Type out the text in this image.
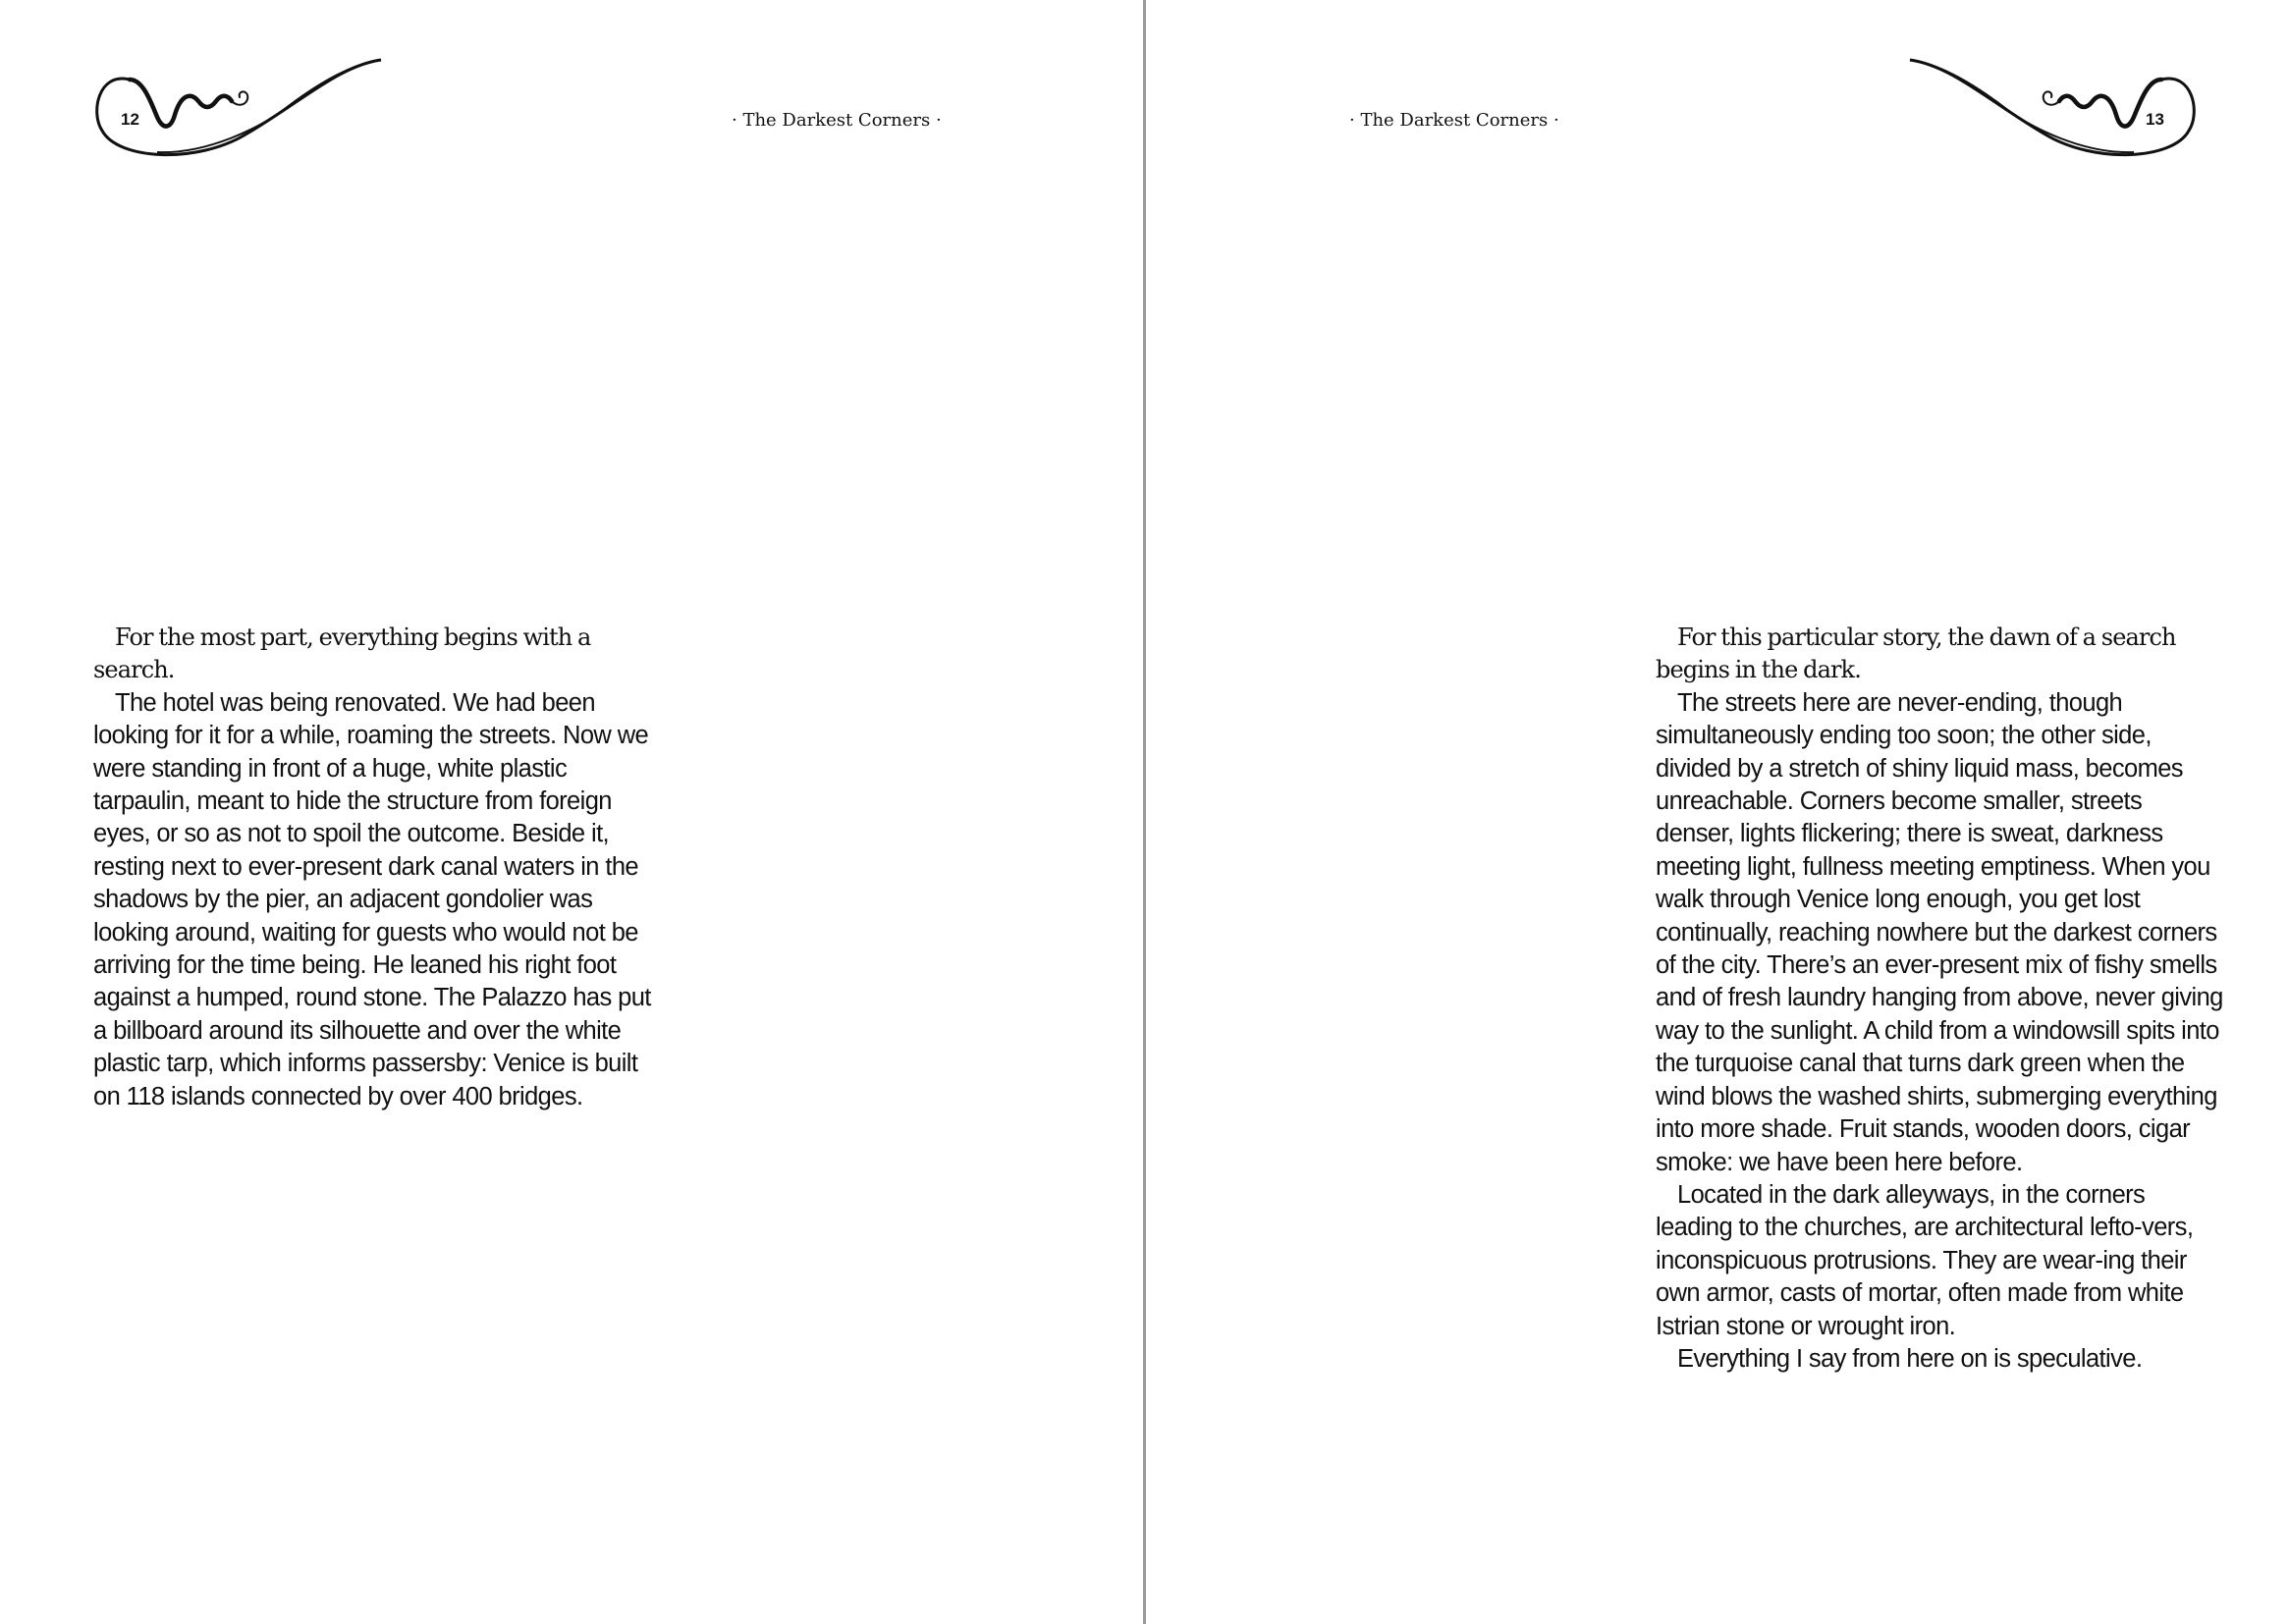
12	· The Darkest Corners ·

For the most part, everything begins with a search.

The hotel was being renovated. We had been looking for it for a while, roaming the streets. Now we were standing in front of a huge, white plastic tarpaulin, meant to hide the structure from foreign eyes, or so as not to spoil the outcome. Beside it, resting next to ever-present dark canal waters in the shadows by the pier, an adjacent gondolier was looking around, waiting for guests who would not be arriving for the time being. He leaned his right foot against a humped, round stone. The Palazzo has put a billboard around its silhouette and over the white plastic tarp, which informs passersby: Venice is built on 118 islands connected by over 400 bridges.

13
· The Darkest Corners ·

For this particular story, the dawn of a search begins in the dark.

The streets here are never-ending, though simultaneously ending too soon; the other side, divided by a stretch of shiny liquid mass, becomes unreachable. Corners become smaller, streets denser, lights flickering; there is sweat, darkness meeting light, fullness meeting emptiness. When you walk through Venice long enough, you get lost continually, reaching nowhere but the darkest corners of the city. There’s an ever-present mix of fishy smells and of fresh laundry hanging from above, never giving way to the sunlight. A child from a windowsill spits into the turquoise canal that turns dark green when the wind blows the washed shirts, submerging everything into more shade. Fruit stands, wooden doors, cigar smoke: we have been here before.

Located in the dark alleyways, in the corners leading to the churches, are architectural lefto-vers, inconspicuous protrusions. They are wear-ing their own armor, casts of mortar, often made from white Istrian stone or wrought iron.

Everything I say from here on is speculative.
